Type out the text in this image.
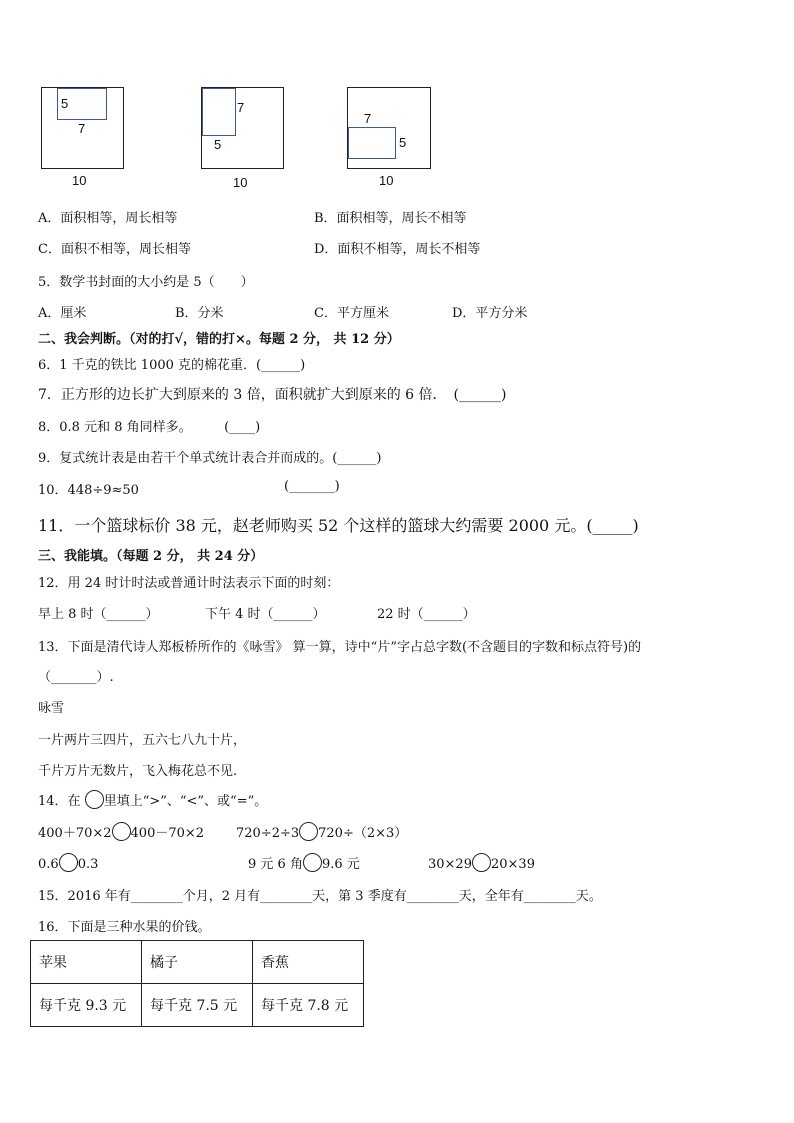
5
7
10
7
5
10
7
5
10
A．面积相等，周长相等	B．面积相等，周长不相等
C．面积不相等，周长相等	D．面积不相等，周长不相等
5．数学书封面的大小约是 5（　　）
A．厘米	B．分米	C．平方厘米	D．平方分米
二、我会判断。（对的打√，错的打×。每题 2 分， 共 12 分）
6．1 千克的铁比 1000 克的棉花重．(______)
7．正方形的边长扩大到原来的 3 倍，面积就扩大到原来的 6 倍．　(______)
8．0.8 元和 8 角同样多。　　　(____)
9．复式统计表是由若干个单式统计表合并而成的。(______)
10．448÷9≈50	(_______)
11．一个篮球标价 38 元，赵老师购买 52 个这样的篮球大约需要 2000 元。(_____)
三、我能填。（每题 2 分， 共 24 分）
12．用 24 时计时法或普通计时法表示下面的时刻：
早上 8 时（______）	下午 4 时（______）	22 时（______）
13．下面是清代诗人郑板桥所作的《咏雪》 算一算，诗中“片”字占总字数(不含题目的字数和标点符号)的
（_______）.
咏雪
一片两片三四片，五六七八九十片，
千片万片无数片，飞入梅花总不见.
14．在 里填上“>”、“<”、或“=”。
400＋70×2 400－70×2 720÷2÷3 720÷（2×3）
0.6 0.3	9 元 6 角 9.6 元	30×29 20×39
15．2016 年有________个月，2 月有________天，第 3 季度有________天，全年有________天。
16．下面是三种水果的价钱。
苹果	橘子	香蕉
每千克 9.3 元	每千克 7.5 元	每千克 7.8 元
